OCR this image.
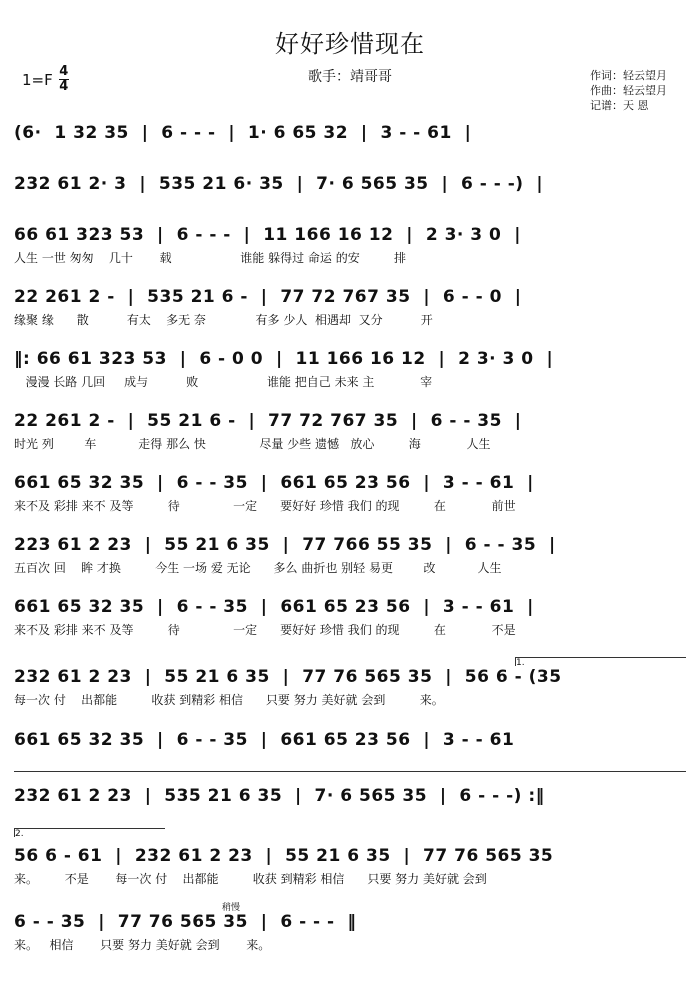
好好珍惜现在
$1=F \frac{4}{4}$	歌手：靖哥哥	作词：轻云望月
作曲：轻云望月
记谱：天 恩
(6·  1 32 35  |  6 - - -  |  1· 6 65 32  |  3 - - 61  |
232 61 2· 3  |  535 21 6· 35  |  7· 6 565 35  |  6 - - -)  |
66 61 323 53  |  6 - - -  |  11 166 16 12  |  2 3· 3 0  |
人生 一世 匆匆    几十       载                  谁能 躲得过 命运 的安         排
22 261 2 -  |  535 21 6 -  |  77 72 767 35  |  6 - - 0  |
缘聚 缘      散          有太    多无 奈             有多 少人  相遇却  又分          开
‖: 66 61 323 53  |  6 - 0 0  |  11 166 16 12  |  2 3· 3 0  |
漫漫 长路 几回     成与          败                  谁能 把自己 未来 主            宰
22 261 2 -  |  55 21 6 -  |  77 72 767 35  |  6 - - 35  |
时光 列        车           走得 那么 快              尽量 少些 遗憾   放心         海            人生
661 65 32 35  |  6 - - 35  |  661 65 23 56  |  3 - - 61  |
来不及 彩排 来不 及等         待              一定      要好好 珍惜 我们 的现         在            前世
223 61 2 23  |  55 21 6 35  |  77 766 55 35  |  6 - - 35  |
五百次 回    眸 才换         今生 一场 爱 无论      多么 曲折也 别轻 易更        改           人生
661 65 32 35  |  6 - - 35  |  661 65 23 56  |  3 - - 61  |
来不及 彩排 来不 及等         待              一定      要好好 珍惜 我们 的现         在            不是
1.
232 61 2 23  |  55 21 6 35  |  77 76 565 35  |  56 6 - (35
每一次 付    出都能         收获 到精彩 相信      只要 努力 美好就 会到         来。
661 65 32 35  |  6 - - 35  |  661 65 23 56  |  3 - - 61
232 61 2 23  |  535 21 6 35  |  7· 6 565 35  |  6 - - -) :‖
2.
56 6 - 61  |  232 61 2 23  |  55 21 6 35  |  77 76 565 35
来。       不是       每一次 付    出都能         收获 到精彩 相信      只要 努力 美好就 会到
稍慢
6 - - 35  |  77 76 565 35  |  6 - - -  ‖
来。   相信       只要 努力 美好就 会到       来。
